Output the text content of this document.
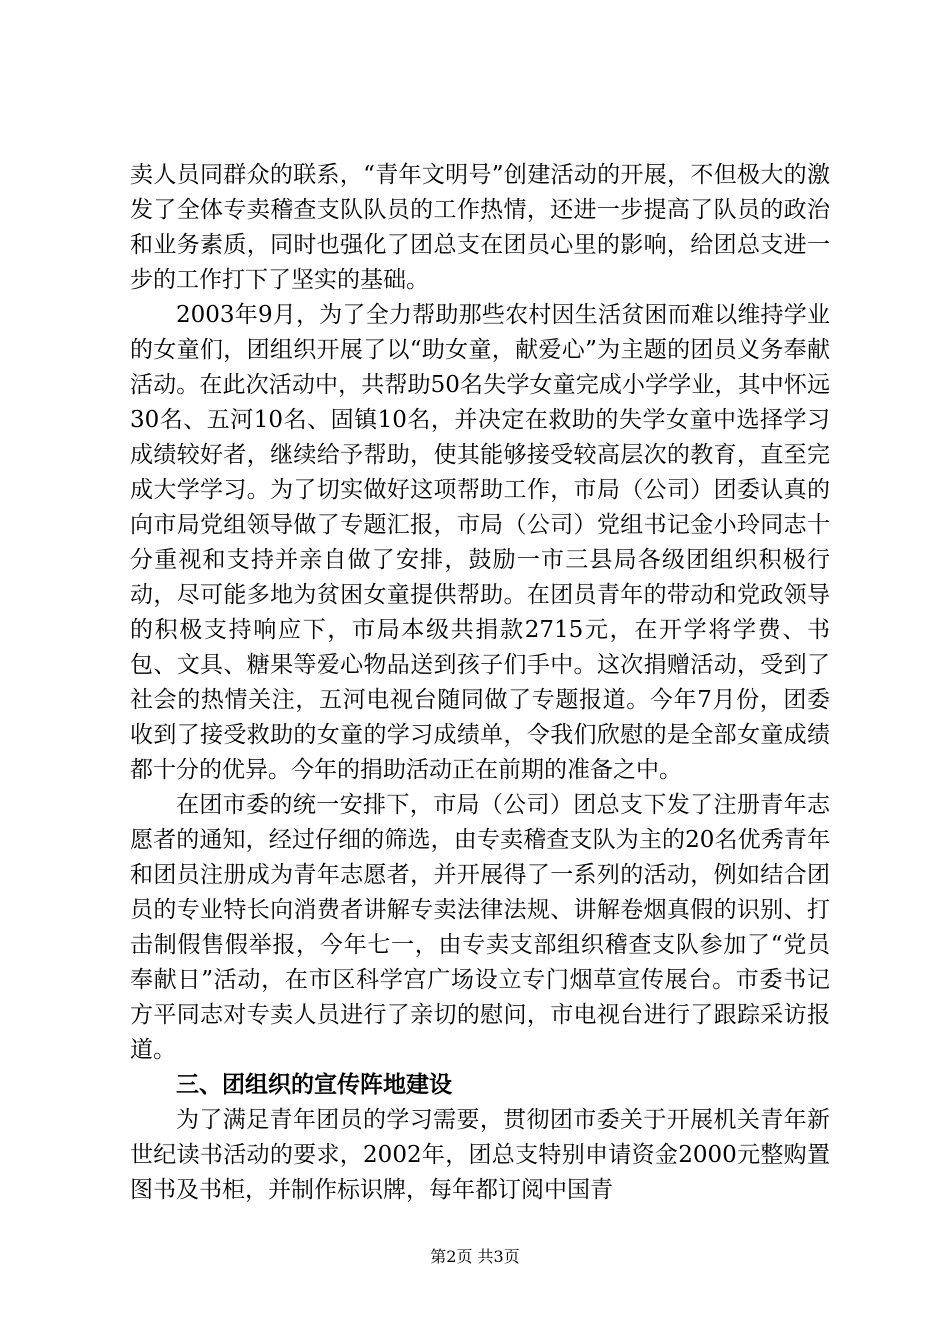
卖人员同群众的联系，“青年文明号”创建活动的开展，不但极大的激发了全体专卖稽查支队队员的工作热情，还进一步提高了队员的政治和业务素质，同时也强化了团总支在团员心里的影响，给团总支进一步的工作打下了坚实的基础。

2003年9月，为了全力帮助那些农村因生活贫困而难以维持学业的女童们，团组织开展了以“助女童，献爱心”为主题的团员义务奉献活动。在此次活动中，共帮助50名失学女童完成小学学业，其中怀远30名、五河10名、固镇10名，并决定在救助的失学女童中选择学习成绩较好者，继续给予帮助，使其能够接受较高层次的教育，直至完成大学学习。为了切实做好这项帮助工作，市局（公司）团委认真的向市局党组领导做了专题汇报，市局（公司）党组书记金小玲同志十分重视和支持并亲自做了安排，鼓励一市三县局各级团组织积极行动，尽可能多地为贫困女童提供帮助。在团员青年的带动和党政领导的积极支持响应下，市局本级共捐款2715元，在开学将学费、书包、文具、糖果等爱心物品送到孩子们手中。这次捐赠活动，受到了社会的热情关注，五河电视台随同做了专题报道。今年7月份，团委收到了接受救助的女童的学习成绩单，令我们欣慰的是全部女童成绩都十分的优异。今年的捐助活动正在前期的准备之中。

在团市委的统一安排下，市局（公司）团总支下发了注册青年志愿者的通知，经过仔细的筛选，由专卖稽查支队为主的20名优秀青年和团员注册成为青年志愿者，并开展得了一系列的活动，例如结合团员的专业特长向消费者讲解专卖法律法规、讲解卷烟真假的识别、打击制假售假举报，今年七一，由专卖支部组织稽查支队参加了“党员奉献日”活动，在市区科学宫广场设立专门烟草宣传展台。市委书记方平同志对专卖人员进行了亲切的慰问，市电视台进行了跟踪采访报道。

三、团组织的宣传阵地建设

为了满足青年团员的学习需要，贯彻团市委关于开展机关青年新世纪读书活动的要求，2002年，团总支特别申请资金2000元整购置图书及书柜，并制作标识牌，每年都订阅中国青

第2页 共3页
